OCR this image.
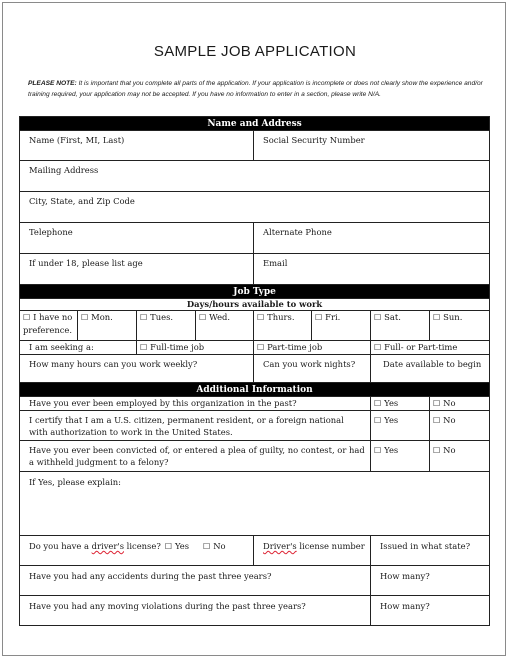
SAMPLE JOB APPLICATION
PLEASE NOTE: It is important that you complete all parts of the application. If your application is incomplete or does not clearly show the experience and/or training required, your application may not be accepted. If you have no information to enter in a section, please write N/A.
Name and Address							
Name (First, MI, Last)				Social Security Number			
Mailing Address							
City, State, and Zip Code							
Telephone				Alternate Phone			
If under 18, please list age				Email			
Job Type							
Days/hours available to work							
☐ I have no preference.	☐ Mon.	☐ Tues.	☐ Wed.	☐ Thurs.	☐ Fri.	☐ Sat.	☐ Sun.
I am seeking a:		☐ Full-time job		☐ Part-time job		☐ Full- or Part-time	
How many hours can you work weekly?				Can you work nights?		Date available to begin	
Additional Information							
Have you ever been employed by this organization in the past?						☐ Yes	☐ No

I certify that I am a U.S. citizen, permanent resident, or a foreign national
with authorization to work in the United States.						☐ Yes	☐ No

Have you ever been convicted of, or entered a plea of guilty, no contest, or had
a withheld judgment to a felony?						☐ Yes	☐ No
If Yes, please explain:							
Do you have a driver's license? ☐ Yes ☐ No				Driver's license number		Issued in what state?	
Have you had any accidents during the past three years?						How many?	
Have you had any moving violations during the past three years?						How many?	
